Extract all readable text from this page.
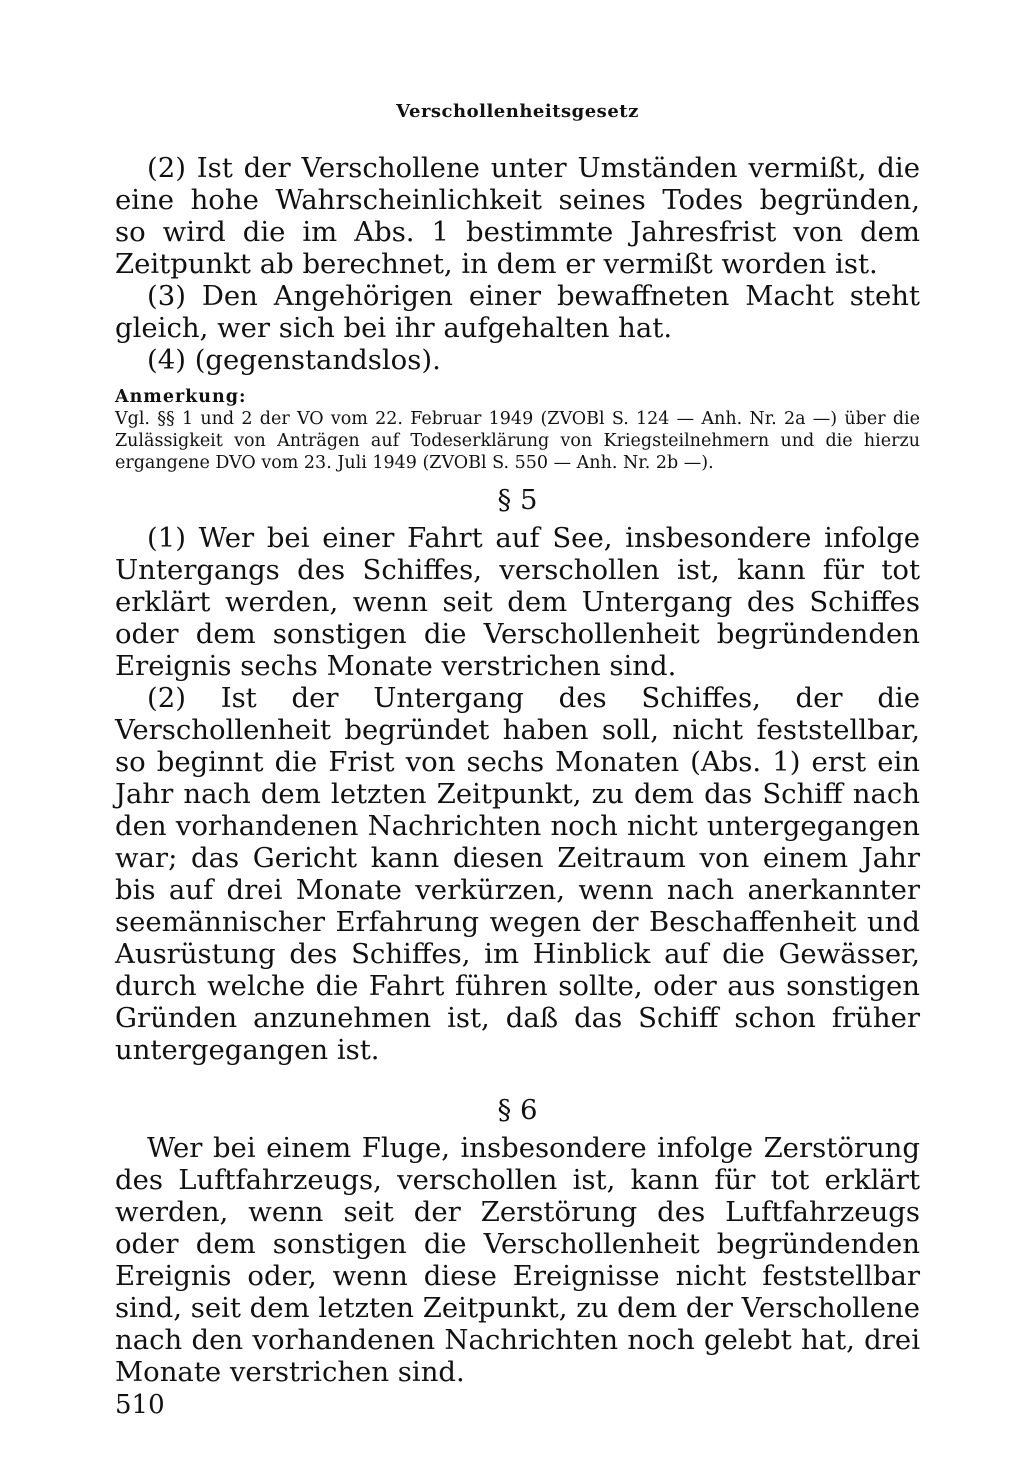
Verschollenheitsgesetz

(2) Ist der Verschollene unter Umständen vermißt, die eine hohe Wahrscheinlichkeit seines Todes begründen, so wird die im Abs. 1 bestimmte Jahresfrist von dem Zeitpunkt ab berechnet, in dem er vermißt worden ist.

(3) Den Angehörigen einer bewaffneten Macht steht gleich, wer sich bei ihr aufgehalten hat.

(4) (gegenstandslos).

Anmerkung:

Vgl. §§ 1 und 2 der VO vom 22. Februar 1949 (ZVOBl S. 124 — Anh. Nr. 2a —) über die Zulässigkeit von Anträgen auf Todeserklärung von Kriegsteilnehmern und die hierzu ergangene DVO vom 23. Juli 1949 (ZVOBl S. 550 — Anh. Nr. 2b —).

§ 5

(1) Wer bei einer Fahrt auf See, insbesondere infolge Untergangs des Schiffes, verschollen ist, kann für tot erklärt werden, wenn seit dem Untergang des Schiffes oder dem sonstigen die Verschollenheit begründenden Ereignis sechs Monate verstrichen sind.

(2) Ist der Untergang des Schiffes, der die Verschollenheit begründet haben soll, nicht feststellbar, so beginnt die Frist von sechs Monaten (Abs. 1) erst ein Jahr nach dem letzten Zeitpunkt, zu dem das Schiff nach den vorhandenen Nachrichten noch nicht untergegangen war; das Gericht kann diesen Zeitraum von einem Jahr bis auf drei Monate verkürzen, wenn nach anerkannter seemännischer Erfahrung wegen der Beschaffenheit und Ausrüstung des Schiffes, im Hinblick auf die Gewässer, durch welche die Fahrt führen sollte, oder aus sonstigen Gründen anzunehmen ist, daß das Schiff schon früher untergegangen ist.

§ 6

Wer bei einem Fluge, insbesondere infolge Zerstörung des Luftfahrzeugs, verschollen ist, kann für tot erklärt werden, wenn seit der Zerstörung des Luftfahrzeugs oder dem sonstigen die Verschollenheit begründenden Ereignis oder, wenn diese Ereignisse nicht feststellbar sind, seit dem letzten Zeitpunkt, zu dem der Verschollene nach den vorhandenen Nachrichten noch gelebt hat, drei Monate verstrichen sind.

510
